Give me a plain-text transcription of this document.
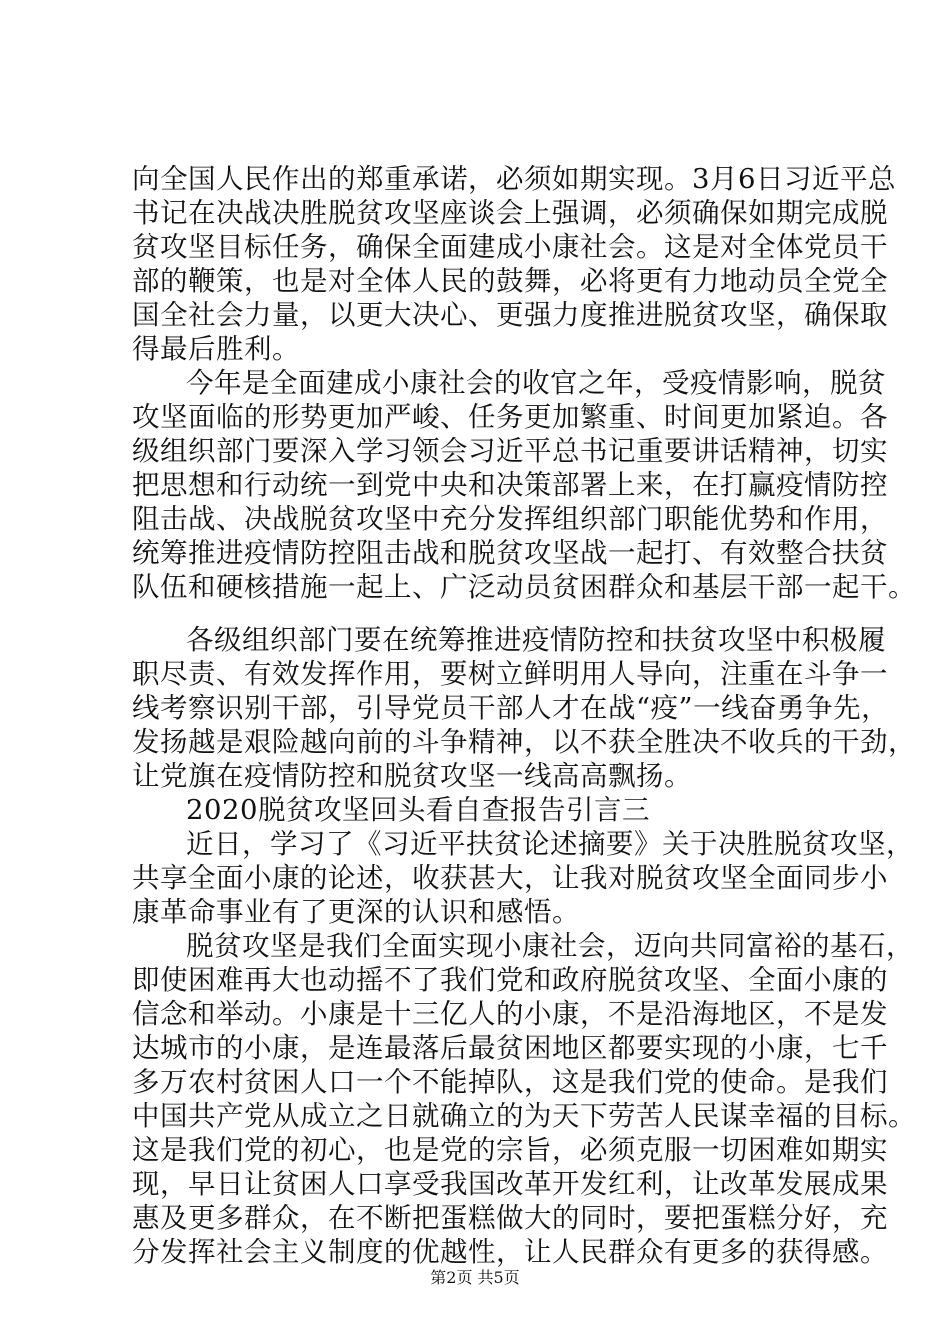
向全国人民作出的郑重承诺，必须如期实现。3月6日习近平总
书记在决战决胜脱贫攻坚座谈会上强调，必须确保如期完成脱
贫攻坚目标任务，确保全面建成小康社会。这是对全体党员干
部的鞭策，也是对全体人民的鼓舞，必将更有力地动员全党全
国全社会力量，以更大决心、更强力度推进脱贫攻坚，确保取
得最后胜利。
今年是全面建成小康社会的收官之年，受疫情影响，脱贫
攻坚面临的形势更加严峻、任务更加繁重、时间更加紧迫。各
级组织部门要深入学习领会习近平总书记重要讲话精神，切实
把思想和行动统一到党中央和决策部署上来，在打赢疫情防控
阻击战、决战脱贫攻坚中充分发挥组织部门职能优势和作用，
统筹推进疫情防控阻击战和脱贫攻坚战一起打、有效整合扶贫
队伍和硬核措施一起上、广泛动员贫困群众和基层干部一起干。
各级组织部门要在统筹推进疫情防控和扶贫攻坚中积极履
职尽责、有效发挥作用，要树立鲜明用人导向，注重在斗争一
线考察识别干部，引导党员干部人才在战“疫”一线奋勇争先，
发扬越是艰险越向前的斗争精神，以不获全胜决不收兵的干劲，
让党旗在疫情防控和脱贫攻坚一线高高飘扬。
2020脱贫攻坚回头看自查报告引言三
近日，学习了《习近平扶贫论述摘要》关于决胜脱贫攻坚，
共享全面小康的论述，收获甚大，让我对脱贫攻坚全面同步小
康革命事业有了更深的认识和感悟。
脱贫攻坚是我们全面实现小康社会，迈向共同富裕的基石，
即使困难再大也动摇不了我们党和政府脱贫攻坚、全面小康的
信念和举动。小康是十三亿人的小康，不是沿海地区，不是发
达城市的小康，是连最落后最贫困地区都要实现的小康，七千
多万农村贫困人口一个不能掉队，这是我们党的使命。是我们
中国共产党从成立之日就确立的为天下劳苦人民谋幸福的目标。
这是我们党的初心，也是党的宗旨，必须克服一切困难如期实
现，早日让贫困人口享受我国改革开发红利，让改革发展成果
惠及更多群众，在不断把蛋糕做大的同时，要把蛋糕分好，充
分发挥社会主义制度的优越性，让人民群众有更多的获得感。
第2页 共5页
